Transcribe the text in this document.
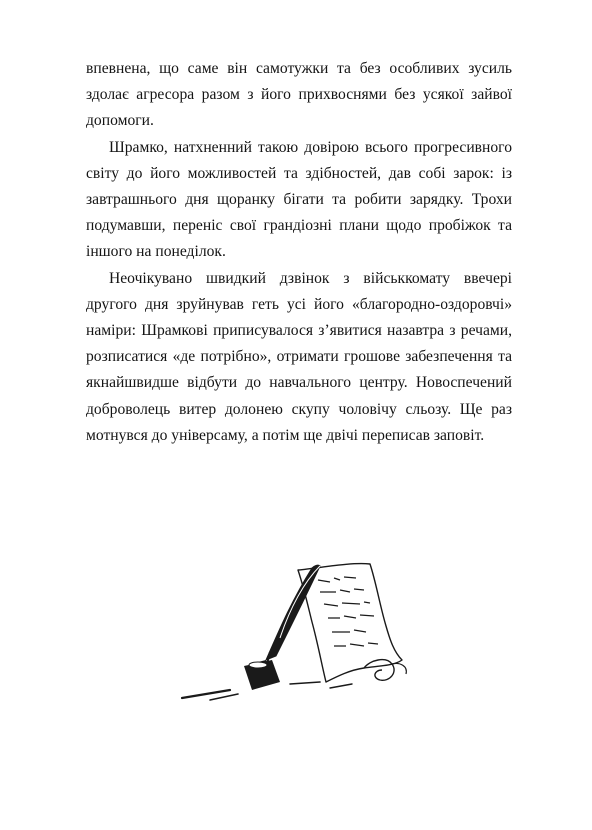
впевнена, що саме він самотужки та без особливих зусиль здолає агресора разом з його прихвоснями без усякої зайвої допомоги.

Шрамко, натхненний такою довірою всього прогресивного світу до його можливостей та здібностей, дав собі зарок: із завтрашнього дня щоранку бігати та робити зарядку. Трохи подумавши, переніс свої грандіозні плани щодо пробіжок та іншого на понеділок.

Неочікувано швидкий дзвінок з військкомату ввечері другого дня зруйнував геть усі його «благородно-оздоровчі» наміри: Шрамкові приписувалося з’явитися назавтра з речами, розписатися «де потрібно», отримати грошове забезпечення та якнайшвидше відбути до навчального центру. Новоспечений доброволець витер долонею скупу чоловічу сльозу. Ще раз мотнувся до універсаму, а потім ще двічі переписав заповіт.
